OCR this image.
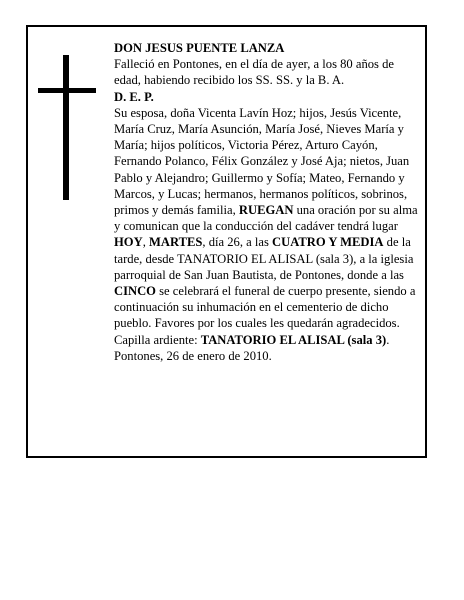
DON JESUS PUENTE LANZA

Falleció en Pontones, en el día de ayer, a los 80 años de edad, habiendo recibido los SS. SS. y la B. A.

D. E. P.

Su esposa, doña Vicenta Lavín Hoz; hijos, Jesús Vicente, María Cruz, María Asunción, María José, Nieves María y María; hijos políticos, Victoria Pérez, Arturo Cayón, Fernando Polanco, Félix González y José Aja; nietos, Juan Pablo y Alejandro; Guillermo y Sofía; Mateo, Fernando y Marcos, y Lucas; hermanos, hermanos políticos, sobrinos, primos y demás familia, RUEGAN una oración por su alma y comunican que la conducción del cadáver tendrá lugar HOY, MARTES, día 26, a las CUATRO Y MEDIA de la tarde, desde TANATORIO EL ALISAL (sala 3), a la iglesia parroquial de San Juan Bautista, de Pontones, donde a las CINCO se celebrará el funeral de cuerpo presente, siendo a continuación su inhumación en el cementerio de dicho pueblo. Favores por los cuales les quedarán agradecidos.

Capilla ardiente: TANATORIO EL ALISAL (sala 3).

Pontones, 26 de enero de 2010.
